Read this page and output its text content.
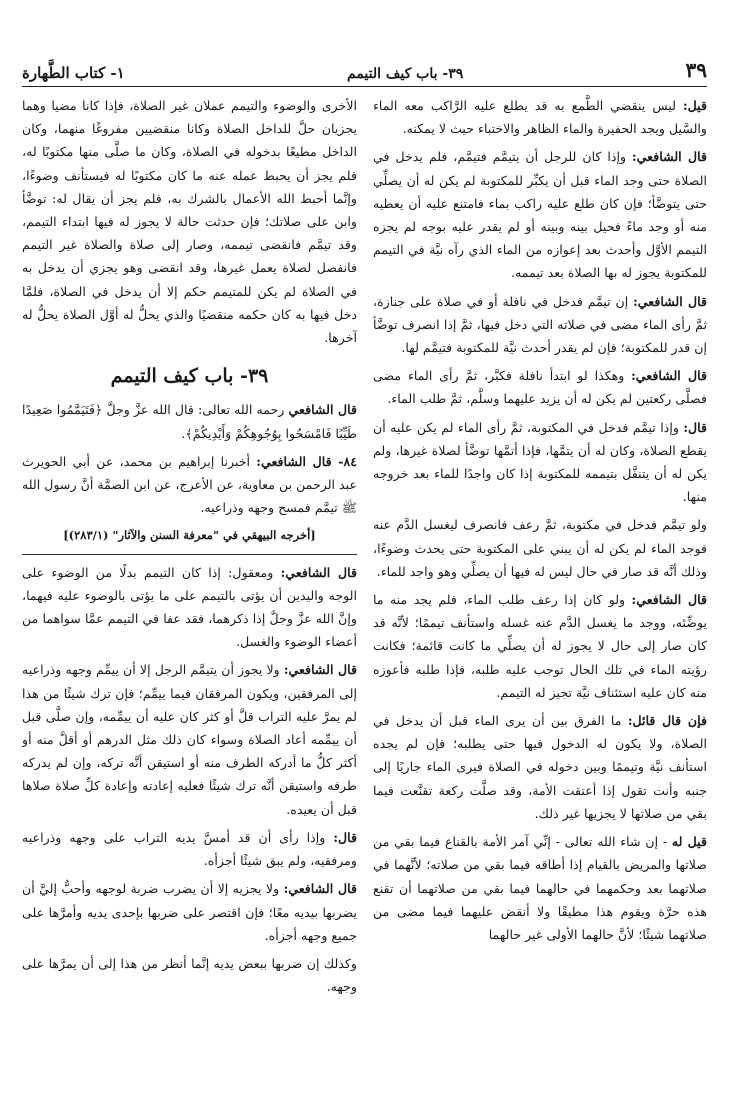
١- كتاب الطَّهارة	٣٩- باب كيف التيمم	٣٩

قيل: ليس ينقضي الطَّمع به قد يطلع عليه الرَّاكب معه الماء والسَّيل ويجد الحفيرة والماء الظاهر والاختباء حيث لا يمكنه.

قال الشافعي: وإذا كان للرجل أن يتيمَّم فتيمَّم، فلم يدخل في الصلاة حتى وجد الماء قبل أن يكبِّر للمكتوبة لم يكن له أن يصلِّي حتى يتوضَّأ؛ فإن كان طلع عليه راكب بماء فامتنع عليه أن يعطيه منه أو وجد ماءً فحيل بينه وبينه أو لم يقدر عليه بوجه لم يجزه التيمم الأوَّل وأحدث بعد إعوازه من الماء الذي رآه نيَّة في التيمم للمكتوبة يجوز له بها الصلاة بعد تيممه.

قال الشافعي: إن تيمَّم فدخل في نافلة أو في صلاة على جنازة، ثمَّ رأى الماء مضى في صلاته التي دخل فيها، ثمَّ إذا انصرف توضَّأ إن قدر للمكتوبة؛ فإن لم يقدر أحدث نيَّة للمكتوبة فتيمَّم لها.

قال الشافعي: وهكذا لو ابتدأ نافلة فكبَّر، ثمَّ رأى الماء مضى فصلَّى ركعتين لم يكن له أن يزيد عليهما وسلَّم، ثمَّ طلب الماء.

قال: وإذا تيمَّم فدخل في المكتوبة، ثمَّ رأى الماء لم يكن عليه أن يقطع الصلاة، وكان له أن يتمَّها، فإذا أتمَّها توضَّأ لصلاة غيرها، ولم يكن له أن يتنفَّل بتيممه للمكتوبة إذا كان واجدًا للماء بعد خروجه منها.

ولو تيمَّم فدخل في مكتوبة، ثمَّ رعف فانصرف ليغسل الدَّم عنه فوجد الماء لم يكن له أن يبني على المكتوبة حتى يحدث وضوءًا، وذلك أنَّه قد صار في حال ليس له فيها أن يصلِّي وهو واجد للماء.

قال الشافعي: ولو كان إذا رعف طلب الماء، فلم يجد منه ما يوضِّئه، ووجد ما يغسل الدَّم عنه غسله واستأنف تيممًا؛ لأنَّه قد كان صار إلى حال لا يجوز له أن يصلِّي ما كانت قائمة؛ فكانت رؤيته الماء في تلك الحال توجب عليه طلبه، فإذا طلبه فأعوزه منه كان عليه استئناف نيَّة تجيز له التيمم.

فإن قال قائل: ما الفرق بين أن يرى الماء قبل أن يدخل في الصلاة، ولا يكون له الدخول فيها حتى يطلبه؛ فإن لم يجده استأنف نيَّة وتيممًا وبين دخوله في الصلاة فيرى الماء جاريًا إلى جنبه وأنت تقول إذا أعتقت الأمة، وقد صلَّت ركعة تقنَّعت فيما بقي من صلاتها لا يجزيها غير ذلك.

قيل له - إن شاء الله تعالى - إنِّي آمر الأمة بالقناع فيما بقي من صلاتها والمريض بالقيام إذا أطاقه فيما بقي من صلاته؛ لأنَّهما في صلاتهما بعد وحكمهما في حالهما فيما بقي من صلاتهما أن تقنع هذه حرَّة ويقوم هذا مطيقًا ولا أنقض عليهما فيما مضى من صلاتهما شيئًا؛ لأنَّ حالهما الأولى غير حالهما

الأخرى والوضوء والتيمم عملان غير الصلاة، فإذا كانا مضيا وهما يجزيان حلَّ للداخل الصلاة وكانا منقضيين مفروغًا منهما، وكان الداخل مطيعًا بدخوله في الصلاة، وكان ما صلَّى منها مكتوبًا له، فلم يجز أن يحبط عمله عنه ما كان مكتوبًا له فيستأنف وضوءًا، وإنَّما أحبط الله الأعمال بالشرك به، فلم يجز أن يقال له: توضَّأ وابن على صلاتك؛ فإن حدثت حالة لا يجوز له فيها ابتداء التيمم، وقد تيمَّم فانقضى تيممه، وصار إلى صلاة والصلاة غير التيمم فانفصل لصلاة يعمل غيرها، وقد انقضى وهو يجزي أن يدخل به في الصلاة لم يكن للمتيمم حكم إلا أن يدخل في الصلاة، فلمَّا دخل فيها به كان حكمه منقضيًا والذي يحلُّ له أوَّل الصلاة يحلُّ له آخرها.

٣٩- باب كيف التيمم

قال الشافعي رحمه الله تعالى: قال الله عزَّ وجلَّ ﴿فَتَيَمَّمُوا صَعِيدًا طَيِّبًا فَامْسَحُوا بِوُجُوهِكُمْ وَأَيْدِيكُمْ﴾.

٨٤- قال الشافعي: أخبرنا إبراهيم بن محمد، عن أبي الحويرث عبد الرحمن بن معاوية، عن الأعرج، عن ابن الصمَّة أنَّ رسول الله ﷺ تيمَّم فمسح وجهه وذراعيه.

[أخرجه البيهقي في "معرفة السنن والآثار" (٢٨٣/١)]

قال الشافعي: ومعقول: إذا كان التيمم بدلًا من الوضوء على الوجه واليدين أن يؤتى بالتيمم على ما يؤتى بالوضوء عليه فيهما، وإنَّ الله عزَّ وجلَّ إذا ذكرهما، فقد عفا في التيمم عمَّا سواهما من أعضاء الوضوء والغسل.

قال الشافعي: ولا يجوز أن يتيمَّم الرجل إلا أن ييمِّم وجهه وذراعيه إلى المرفقين، ويكون المرفقان فيما ييمِّم؛ فإن ترك شيئًا من هذا لم يمرَّ عليه التراب قلَّ أو كثر كان عليه أن ييمِّمه، وإن صلَّى قبل أن ييمِّمه أعاد الصلاة وسواء كان ذلك مثل الدرهم أو أقلَّ منه أو أكثر كلُّ ما أدركه الطرف منه أو استيقن أنَّه تركه، وإن لم يدركه طرفه واستيقن أنَّه ترك شيئًا فعليه إعادته وإعادة كلِّ صلاة صلاها قبل أن يعيده.

قال: وإذا رأى أن قد أمسَّ يديه التراب على وجهه وذراعيه ومرفقيه، ولم يبق شيئًا أجزأه.

قال الشافعي: ولا يجزيه إلا أن يضرب ضربة لوجهه وأحبُّ إليَّ أن يضربها بيديه معًا؛ فإن اقتصر على ضربها بإحدى يديه وأمرَّها على جميع وجهه أجزأه.

وكذلك إن ضربها ببعض يديه إنَّما أنظر من هذا إلى أن يمرَّها على وجهه.
